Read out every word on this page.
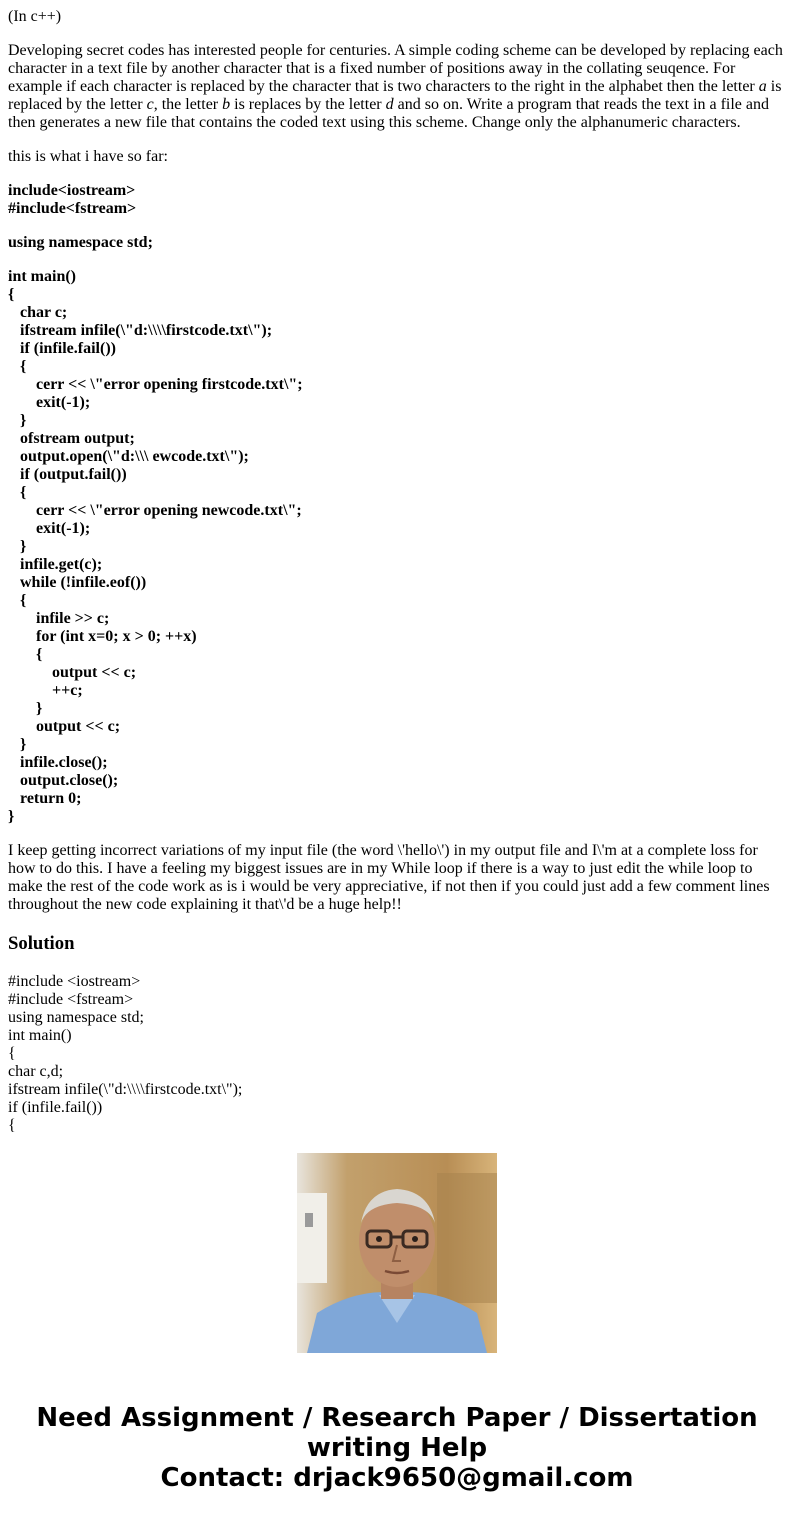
(In c++)

Developing secret codes has interested people for centuries. A simple coding scheme can be developed by replacing each character in a text file by another character that is a fixed number of positions away in the collating seuqence. For example if each character is replaced by the character that is two characters to the right in the alphabet then the letter a is replaced by the letter c, the letter b is replaces by the letter d and so on. Write a program that reads the text in a file and then generates a new file that contains the coded text using this scheme. Change only the alphanumeric characters.

this is what i have so far:

include<iostream>
#include<fstream>
using namespace std;
int main()
{
char c;
ifstream infile(\"d:\\\\firstcode.txt\");
if (infile.fail())
{
cerr << \"error opening firstcode.txt\";
exit(-1);
}
ofstream output;
output.open(\"d:\\\ ewcode.txt\");
if (output.fail())
{
cerr << \"error opening newcode.txt\";
exit(-1);
}
infile.get(c);
while (!infile.eof())
{
infile >> c;
for (int x=0; x > 0; ++x)
{
output << c;
++c;
}
output << c;
}
infile.close();
output.close();
return 0;
}

I keep getting incorrect variations of my input file (the word \'hello\') in my output file and I\'m at a complete loss for how to do this. I have a feeling my biggest issues are in my While loop if there is a way to just edit the while loop to make the rest of the code work as is i would be very appreciative, if not then if you could just add a few comment lines throughout the new code explaining it that\'d be a huge help!!

Solution
#include <iostream>
#include <fstream>
using namespace std;
int main()
{
char c,d;
ifstream infile(\"d:\\\\firstcode.txt\");
if (infile.fail())
{
Need Assignment / Research Paper / Dissertation
writing Help
Contact: drjack9650@gmail.com
